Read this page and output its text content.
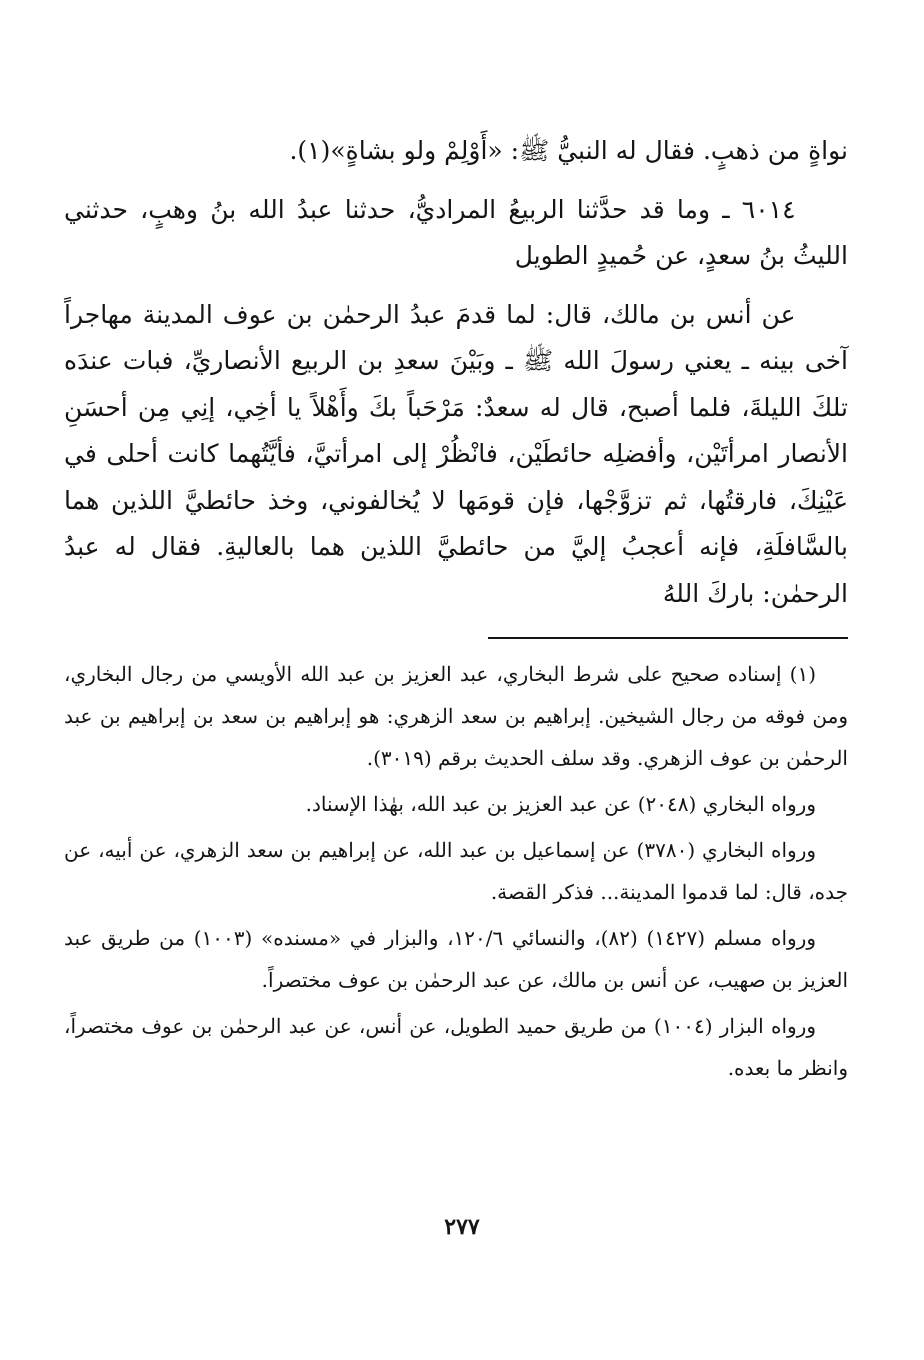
نواةٍ من ذهبٍ. فقال له النبيُّ ﷺ: «أَوْلِمْ ولو بشاةٍ»(١).

٦٠١٤ ـ وما قد حدَّثنا الربيعُ المراديُّ، حدثنا عبدُ الله بنُ وهبٍ، حدثني الليثُ بنُ سعدٍ، عن حُميدٍ الطويل

عن أنس بن مالك، قال: لما قدمَ عبدُ الرحمٰن بن عوف المدينة مهاجراً آخى بينه ـ يعني رسولَ الله ﷺ ـ وبَيْنَ سعدِ بن الربيع الأنصاريِّ، فبات عندَه تلكَ الليلةَ، فلما أصبح، قال له سعدٌ: مَرْحَباً بكَ وأَهْلاً يا أخِي، إنِي مِن أحسَنِ الأنصار امرأتَيْن، وأفضلِه حائطَيْن، فانْظُرْ إلى امرأتيَّ، فأيَّتُهما كانت أحلى في عَيْنِكَ، فارقتُها، ثم تزوَّجْها، فإن قومَها لا يُخالفوني، وخذ حائطيَّ اللذين هما بالسَّافلَةِ، فإنه أعجبُ إليَّ من حائطيَّ اللذين هما بالعاليةِ. فقال له عبدُ الرحمٰن: باركَ اللهُ

(١) إسناده صحيح على شرط البخاري، عبد العزيز بن عبد الله الأويسي من رجال البخاري، ومن فوقه من رجال الشيخين. إبراهيم بن سعد الزهري: هو إبراهيم بن سعد بن إبراهيم بن عبد الرحمٰن بن عوف الزهري. وقد سلف الحديث برقم (٣٠١٩).

ورواه البخاري (٢٠٤٨) عن عبد العزيز بن عبد الله، بهٰذا الإسناد.

ورواه البخاري (٣٧٨٠) عن إسماعيل بن عبد الله، عن إبراهيم بن سعد الزهري، عن أبيه، عن جده، قال: لما قدموا المدينة... فذكر القصة.

ورواه مسلم (١٤٢٧) (٨٢)، والنسائي ١٢٠/٦، والبزار في «مسنده» (١٠٠٣) من طريق عبد العزيز بن صهيب، عن أنس بن مالك، عن عبد الرحمٰن بن عوف مختصراً.

ورواه البزار (١٠٠٤) من طريق حميد الطويل، عن أنس، عن عبد الرحمٰن بن عوف مختصراً، وانظر ما بعده.

٢٧٧
